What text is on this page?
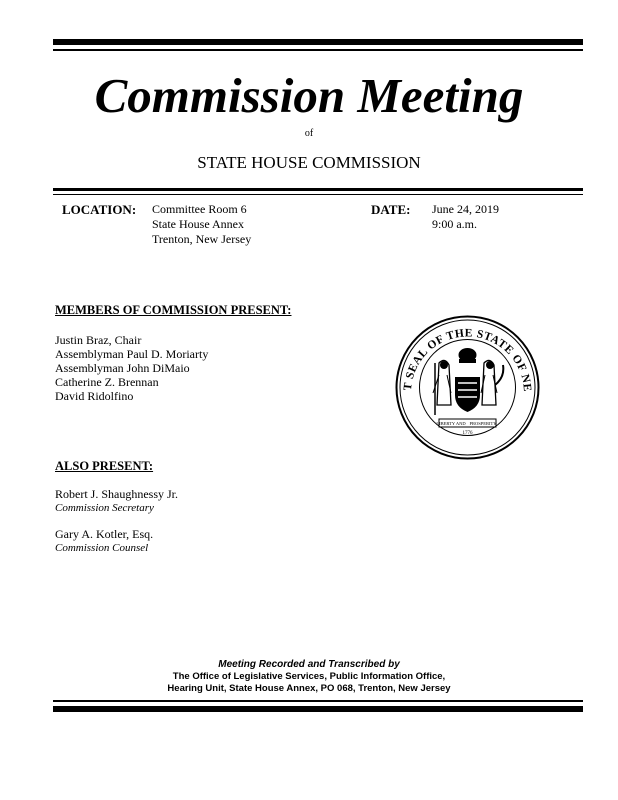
Commission Meeting
of
STATE HOUSE COMMISSION
LOCATION: Committee Room 6
State House Annex
Trenton, New Jersey
DATE: June 24, 2019
9:00 a.m.
MEMBERS OF COMMISSION PRESENT:
Justin Braz, Chair
Assemblyman Paul D. Moriarty
Assemblyman John DiMaio
Catherine Z. Brennan
David Ridolfino
T SEAL OF THE STATE OF NE
LIBERTY AND PROSPERITY
1776
ALSO PRESENT:
Robert J. Shaughnessy Jr.
Commission Secretary
Gary A. Kotler, Esq.
Commission Counsel
Meeting Recorded and Transcribed by
The Office of Legislative Services, Public Information Office,
Hearing Unit, State House Annex, PO 068, Trenton, New Jersey
